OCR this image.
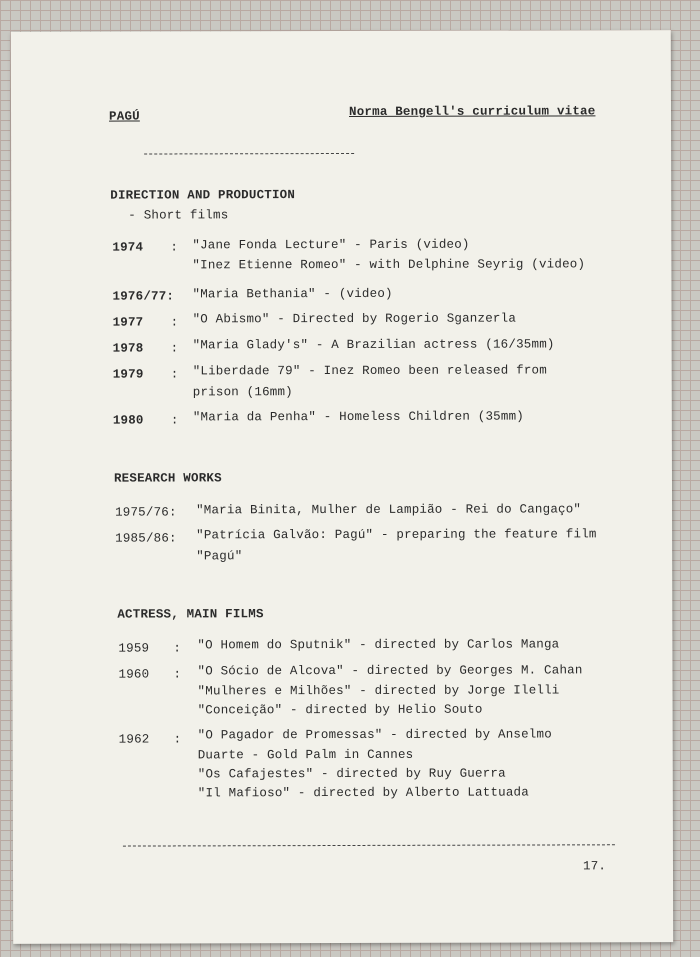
PAGÚ	Norma Bengell's curriculum vitae
DIRECTION AND PRODUCTION
- Short films
1974 : "Jane Fonda Lecture" - Paris (video)
"Inez Etienne Romeo" - with Delphine Seyrig (video)
1976/77: "Maria Bethania" - (video)
1977 : "O Abismo" - Directed by Rogerio Sganzerla
1978 : "Maria Glady's" - A Brazilian actress (16/35mm)
1979 : "Liberdade 79" - Inez Romeo been released from
prison (16mm)
1980 : "Maria da Penha" - Homeless Children (35mm)
RESEARCH WORKS
1975/76: "Maria Binita, Mulher de Lampião - Rei do Cangaço"
1985/86: "Patrícia Galvão: Pagú" - preparing the feature film
"Pagú"
ACTRESS, MAIN FILMS
1959 : "O Homem do Sputnik" - directed by Carlos Manga
1960 : "O Sócio de Alcova" - directed by Georges M. Cahan
"Mulheres e Milhões" - directed by Jorge Ilelli
"Conceição" - directed by Helio Souto
1962 : "O Pagador de Promessas" - directed by Anselmo
Duarte - Gold Palm in Cannes
"Os Cafajestes" - directed by Ruy Guerra
"Il Mafioso" - directed by Alberto Lattuada
17.
